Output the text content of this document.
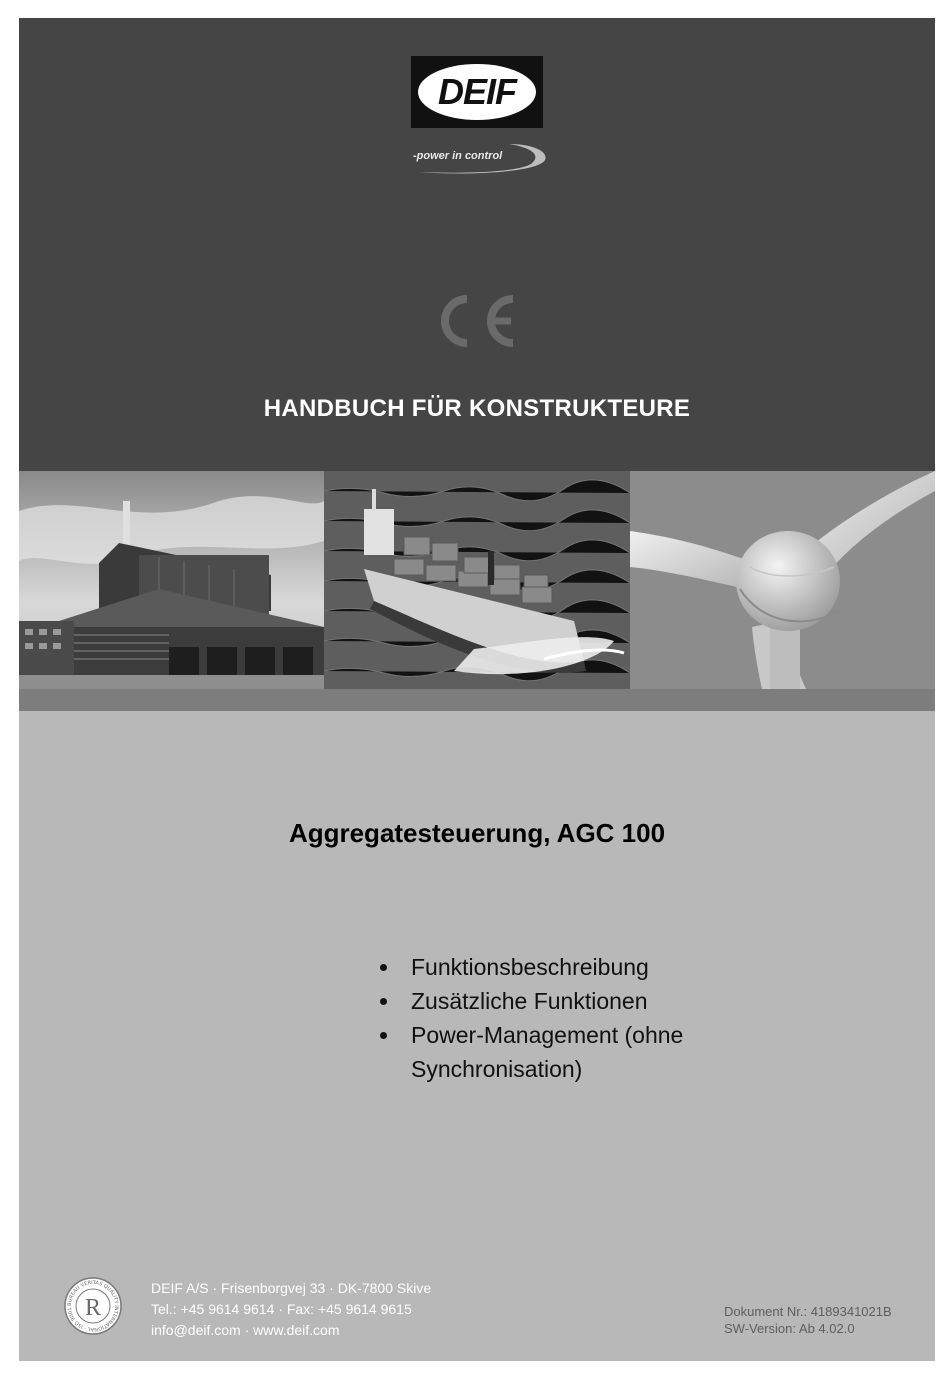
DEIF
-power in control
HANDBUCH FÜR KONSTRUKTEURE
Aggregatesteuerung, AGC 100
Funktionsbeschreibung
Zusätzliche Funktionen
Power-Management (ohne Synchronisation)
BUREAU VERITAS QUALITY INTERNATIONAL · ISO 9001 R
DEIF A/S · Frisenborgvej 33 · DK-7800 Skive
Tel.: +45 9614 9614 · Fax: +45 9614 9615
info@deif.com · www.deif.com
Dokument Nr.: 4189341021B
SW-Version: Ab 4.02.0
